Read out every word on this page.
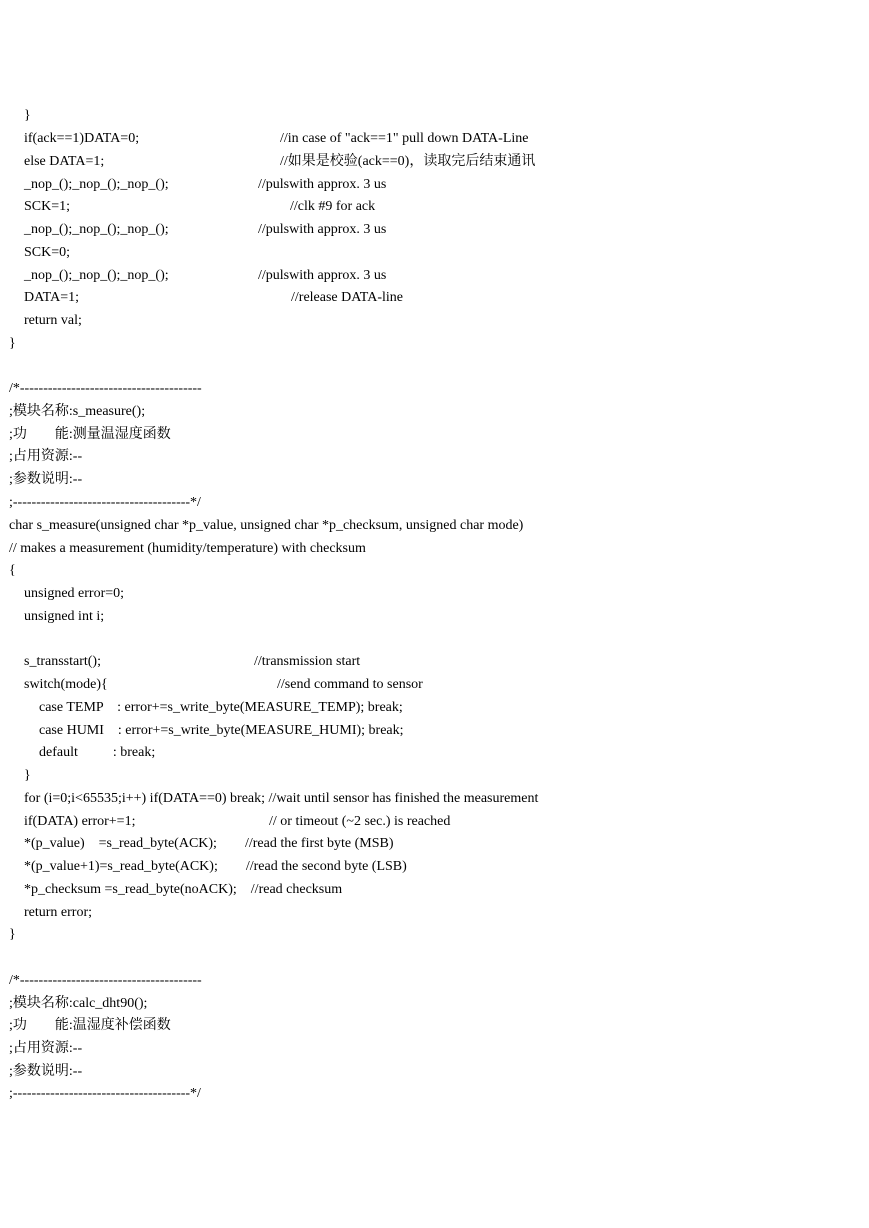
}
if(ack==1)DATA=0;	//in case of "ack==1" pull down DATA-Line
else DATA=1;	//如果是校验(ack==0)，读取完后结束通讯
_nop_();_nop_();_nop_();	//pulswith approx. 3 us
SCK=1;	//clk #9 for ack
_nop_();_nop_();_nop_();	//pulswith approx. 3 us
SCK=0;
_nop_();_nop_();_nop_();	//pulswith approx. 3 us
DATA=1;	//release DATA-line
return val;
}
/*---------------------------------------
;模块名称:s_measure();
;功        能:测量温湿度函数
;占用资源:--
;参数说明:--
;--------------------------------------*/
char s_measure(unsigned char *p_value, unsigned char *p_checksum, unsigned char mode)
// makes a measurement (humidity/temperature) with checksum
{
unsigned error=0;
unsigned int i;
s_transstart();	//transmission start
switch(mode){	//send command to sensor
case TEMP    : error+=s_write_byte(MEASURE_TEMP); break;
case HUMI    : error+=s_write_byte(MEASURE_HUMI); break;
default          : break;
}
for (i=0;i<65535;i++) if(DATA==0) break; //wait until sensor has finished the measurement
if(DATA) error+=1;	// or timeout (~2 sec.) is reached
*(p_value)    =s_read_byte(ACK);        //read the first byte (MSB)
*(p_value+1)=s_read_byte(ACK);        //read the second byte (LSB)
*p_checksum =s_read_byte(noACK);    //read checksum
return error;
}
/*---------------------------------------
;模块名称:calc_dht90();
;功        能:温湿度补偿函数
;占用资源:--
;参数说明:--
;--------------------------------------*/
